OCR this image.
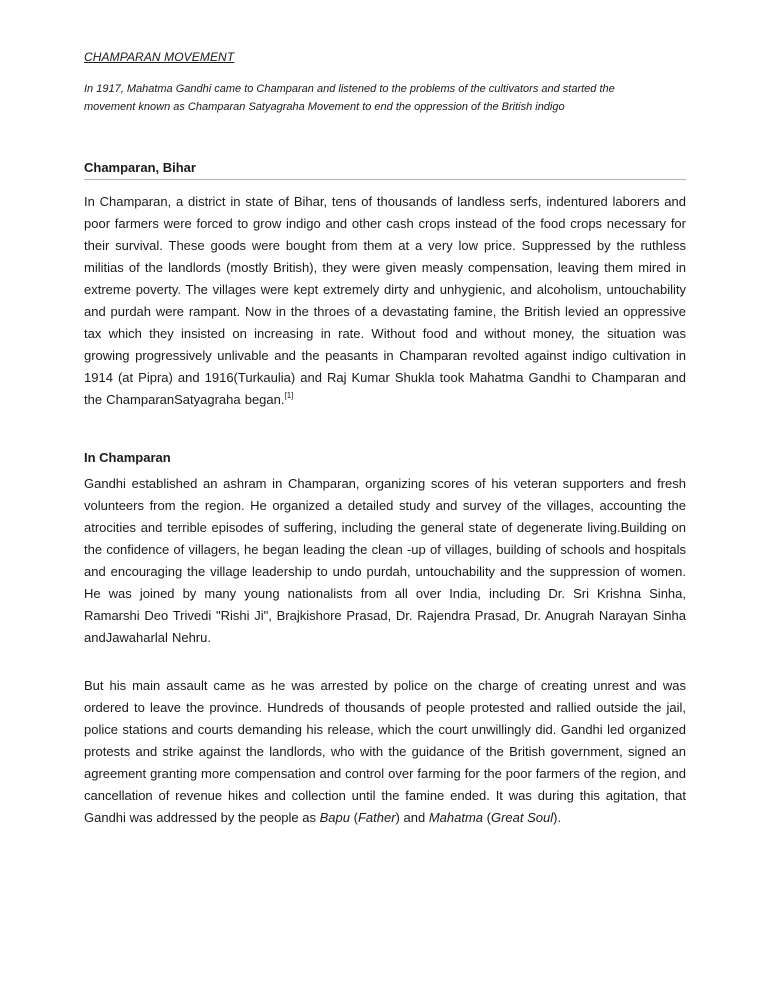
CHAMPARAN MOVEMENT
In 1917, Mahatma Gandhi came to Champaran and listened to the problems of the cultivators and started the movement known as Champaran Satyagraha Movement to end the oppression of the British indigo
Champaran, Bihar
In Champaran, a district in state of Bihar, tens of thousands of landless serfs, indentured laborers and poor farmers were forced to grow indigo and other cash crops instead of the food crops necessary for their survival. These goods were bought from them at a very low price. Suppressed by the ruthless militias of the landlords (mostly British), they were given measly compensation, leaving them mired in extreme poverty. The villages were kept extremely dirty and unhygienic, and alcoholism, untouchability and purdah were rampant. Now in the throes of a devastating famine, the British levied an oppressive tax which they insisted on increasing in rate. Without food and without money, the situation was growing progressively unlivable and the peasants in Champaran revolted against indigo cultivation in 1914 (at Pipra) and 1916(Turkaulia) and Raj Kumar Shukla took Mahatma Gandhi to Champaran and the ChamparanSatyagraha began.[1]
In Champaran
Gandhi established an ashram in Champaran, organizing scores of his veteran supporters and fresh volunteers from the region. He organized a detailed study and survey of the villages, accounting the atrocities and terrible episodes of suffering, including the general state of degenerate living.Building on the confidence of villagers, he began leading the clean -up of villages, building of schools and hospitals and encouraging the village leadership to undo purdah, untouchability and the suppression of women. He was joined by many young nationalists from all over India, including Dr. Sri Krishna Sinha, Ramarshi Deo Trivedi "Rishi Ji", Brajkishore Prasad, Dr. Rajendra Prasad, Dr. Anugrah Narayan Sinha andJawaharlal Nehru.
But his main assault came as he was arrested by police on the charge of creating unrest and was ordered to leave the province. Hundreds of thousands of people protested and rallied outside the jail, police stations and courts demanding his release, which the court unwillingly did. Gandhi led organized protests and strike against the landlords, who with the guidance of the British government, signed an agreement granting more compensation and control over farming for the poor farmers of the region, and cancellation of revenue hikes and collection until the famine ended. It was during this agitation, that Gandhi was addressed by the people as Bapu (Father) and Mahatma (Great Soul).
